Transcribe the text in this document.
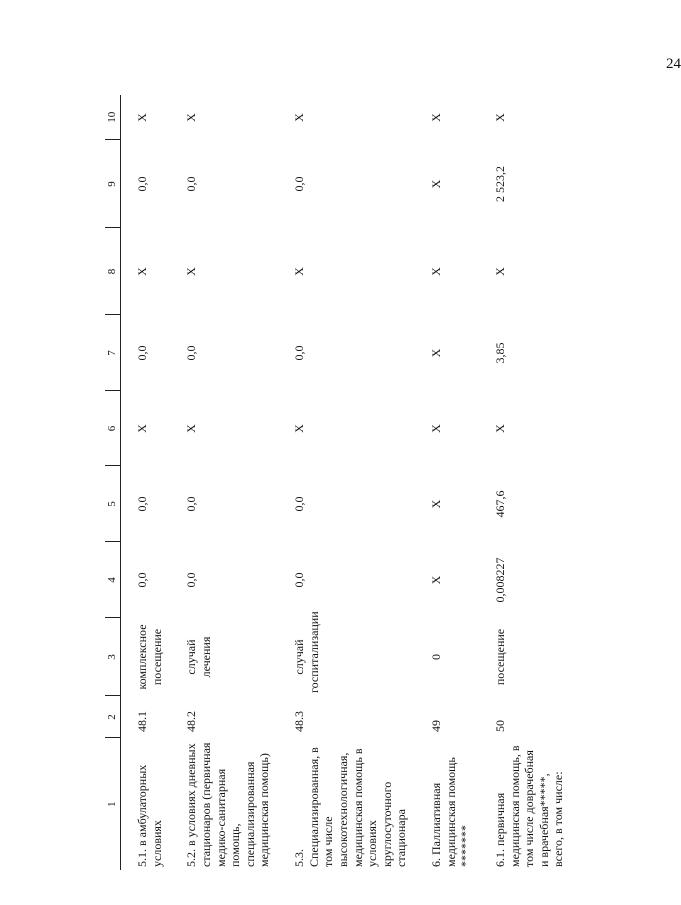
24
1	2	3	4	5	6	7	8	9	10
5.1. в амбулаторных условиях	48.1	комплексное посещение	0,0	0,0	X	0,0	X	0,0	X
5.2. в условиях дневных стационаров (первичная медико-санитарная помощь, специализированная медицинская помощь)	48.2	случай лечения	0,0	0,0	X	0,0	X	0,0	X
5.3. Специализированная, в том числе высокотехнологичная, медицинская помощь в условиях круглосуточного стационара	48.3	случай госпитализации	0,0	0,0	X	0,0	X	0,0	X
6. Паллиативная медицинская помощь *******	49	0	X	X	X	X	X	X	X
6.1. первичная медицинская помощь, в том числе доврачебная и врачебная*****, всего, в том числе:	50	посещение	0,008227	467,6	X	3,85	X	2 523,2	X
